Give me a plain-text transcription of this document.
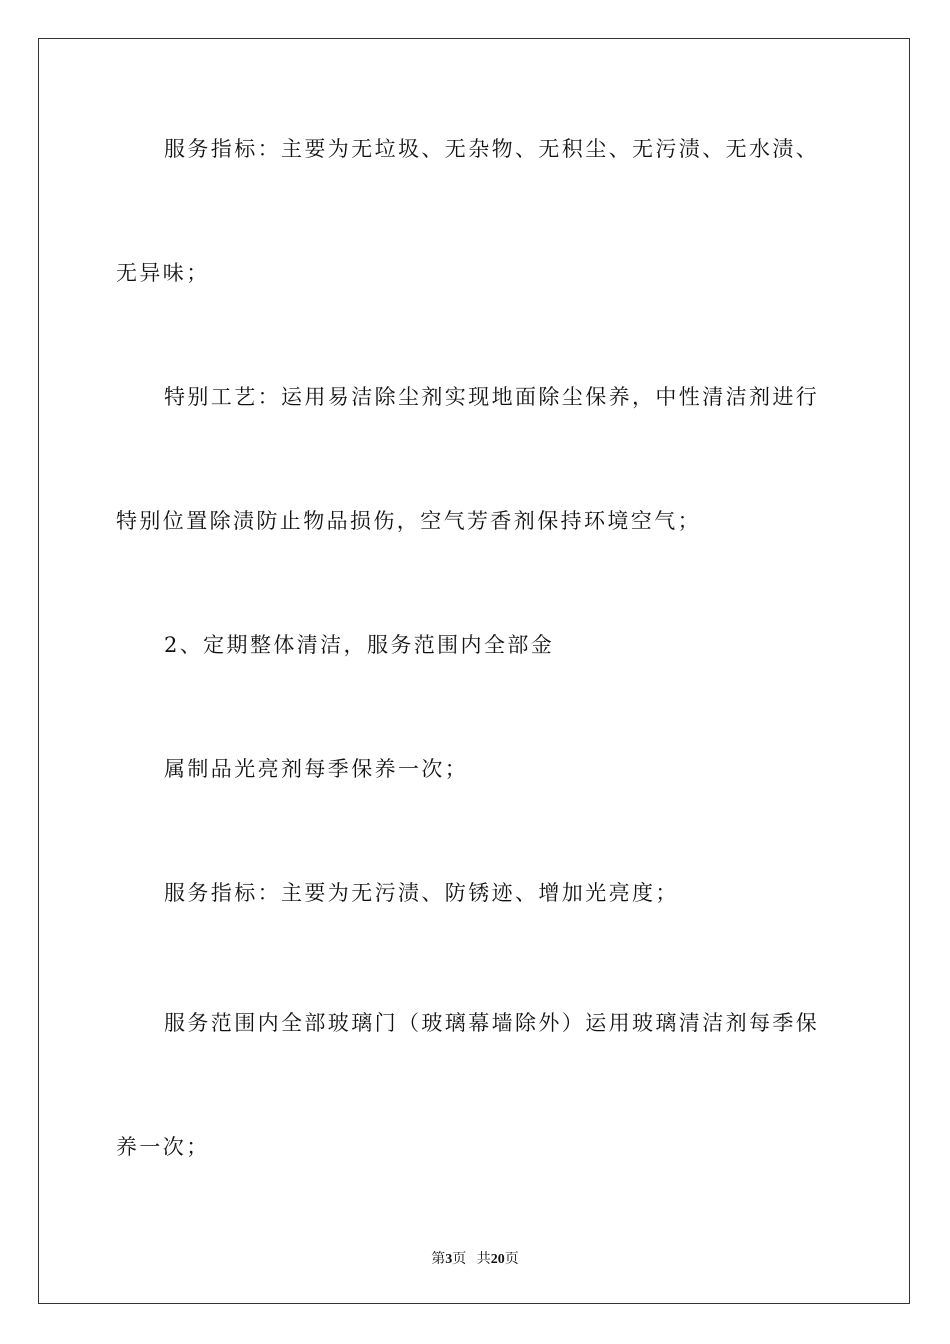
服务指标：主要为无垃圾、无杂物、无积尘、无污渍、无水渍、
无异味；
特别工艺：运用易洁除尘剂实现地面除尘保养，中性清洁剂进行
特别位置除渍防止物品损伤，空气芳香剂保持环境空气；
2、定期整体清洁，服务范围内全部金
属制品光亮剂每季保养一次；
服务指标：主要为无污渍、防锈迹、增加光亮度；
服务范围内全部玻璃门（玻璃幕墙除外）运用玻璃清洁剂每季保
养一次；
第3页 共20页
